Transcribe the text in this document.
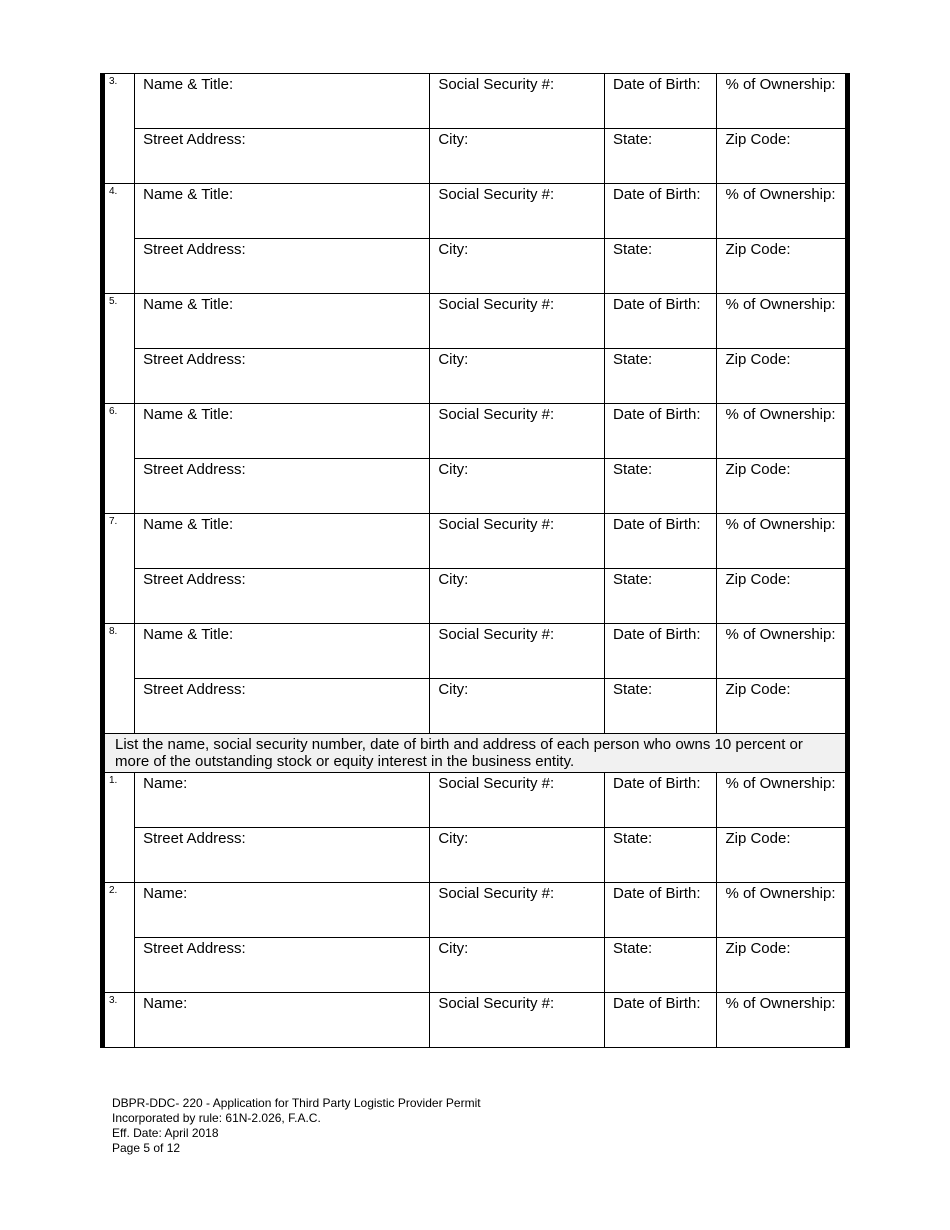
3.	Name & Title:	Social Security #:	Date of Birth:	% of Ownership:
	Street Address:	City:	State:	Zip Code:
4.	Name & Title:	Social Security #:	Date of Birth:	% of Ownership:
	Street Address:	City:	State:	Zip Code:
5.	Name & Title:	Social Security #:	Date of Birth:	% of Ownership:
	Street Address:	City:	State:	Zip Code:
6.	Name & Title:	Social Security #:	Date of Birth:	% of Ownership:
	Street Address:	City:	State:	Zip Code:
7.	Name & Title:	Social Security #:	Date of Birth:	% of Ownership:
	Street Address:	City:	State:	Zip Code:
8.	Name & Title:	Social Security #:	Date of Birth:	% of Ownership:
	Street Address:	City:	State:	Zip Code:
List the name, social security number, date of birth and address of each person who owns 10 percent or more of the outstanding stock or equity interest in the business entity.				
1.	Name:	Social Security #:	Date of Birth:	% of Ownership:
	Street Address:	City:	State:	Zip Code:
2.	Name:	Social Security #:	Date of Birth:	% of Ownership:
	Street Address:	City:	State:	Zip Code:
3.	Name:	Social Security #:	Date of Birth:	% of Ownership:
DBPR-DDC- 220 - Application for Third Party Logistic Provider Permit
Incorporated by rule: 61N-2.026, F.A.C.
Eff. Date: April 2018
Page 5 of 12
